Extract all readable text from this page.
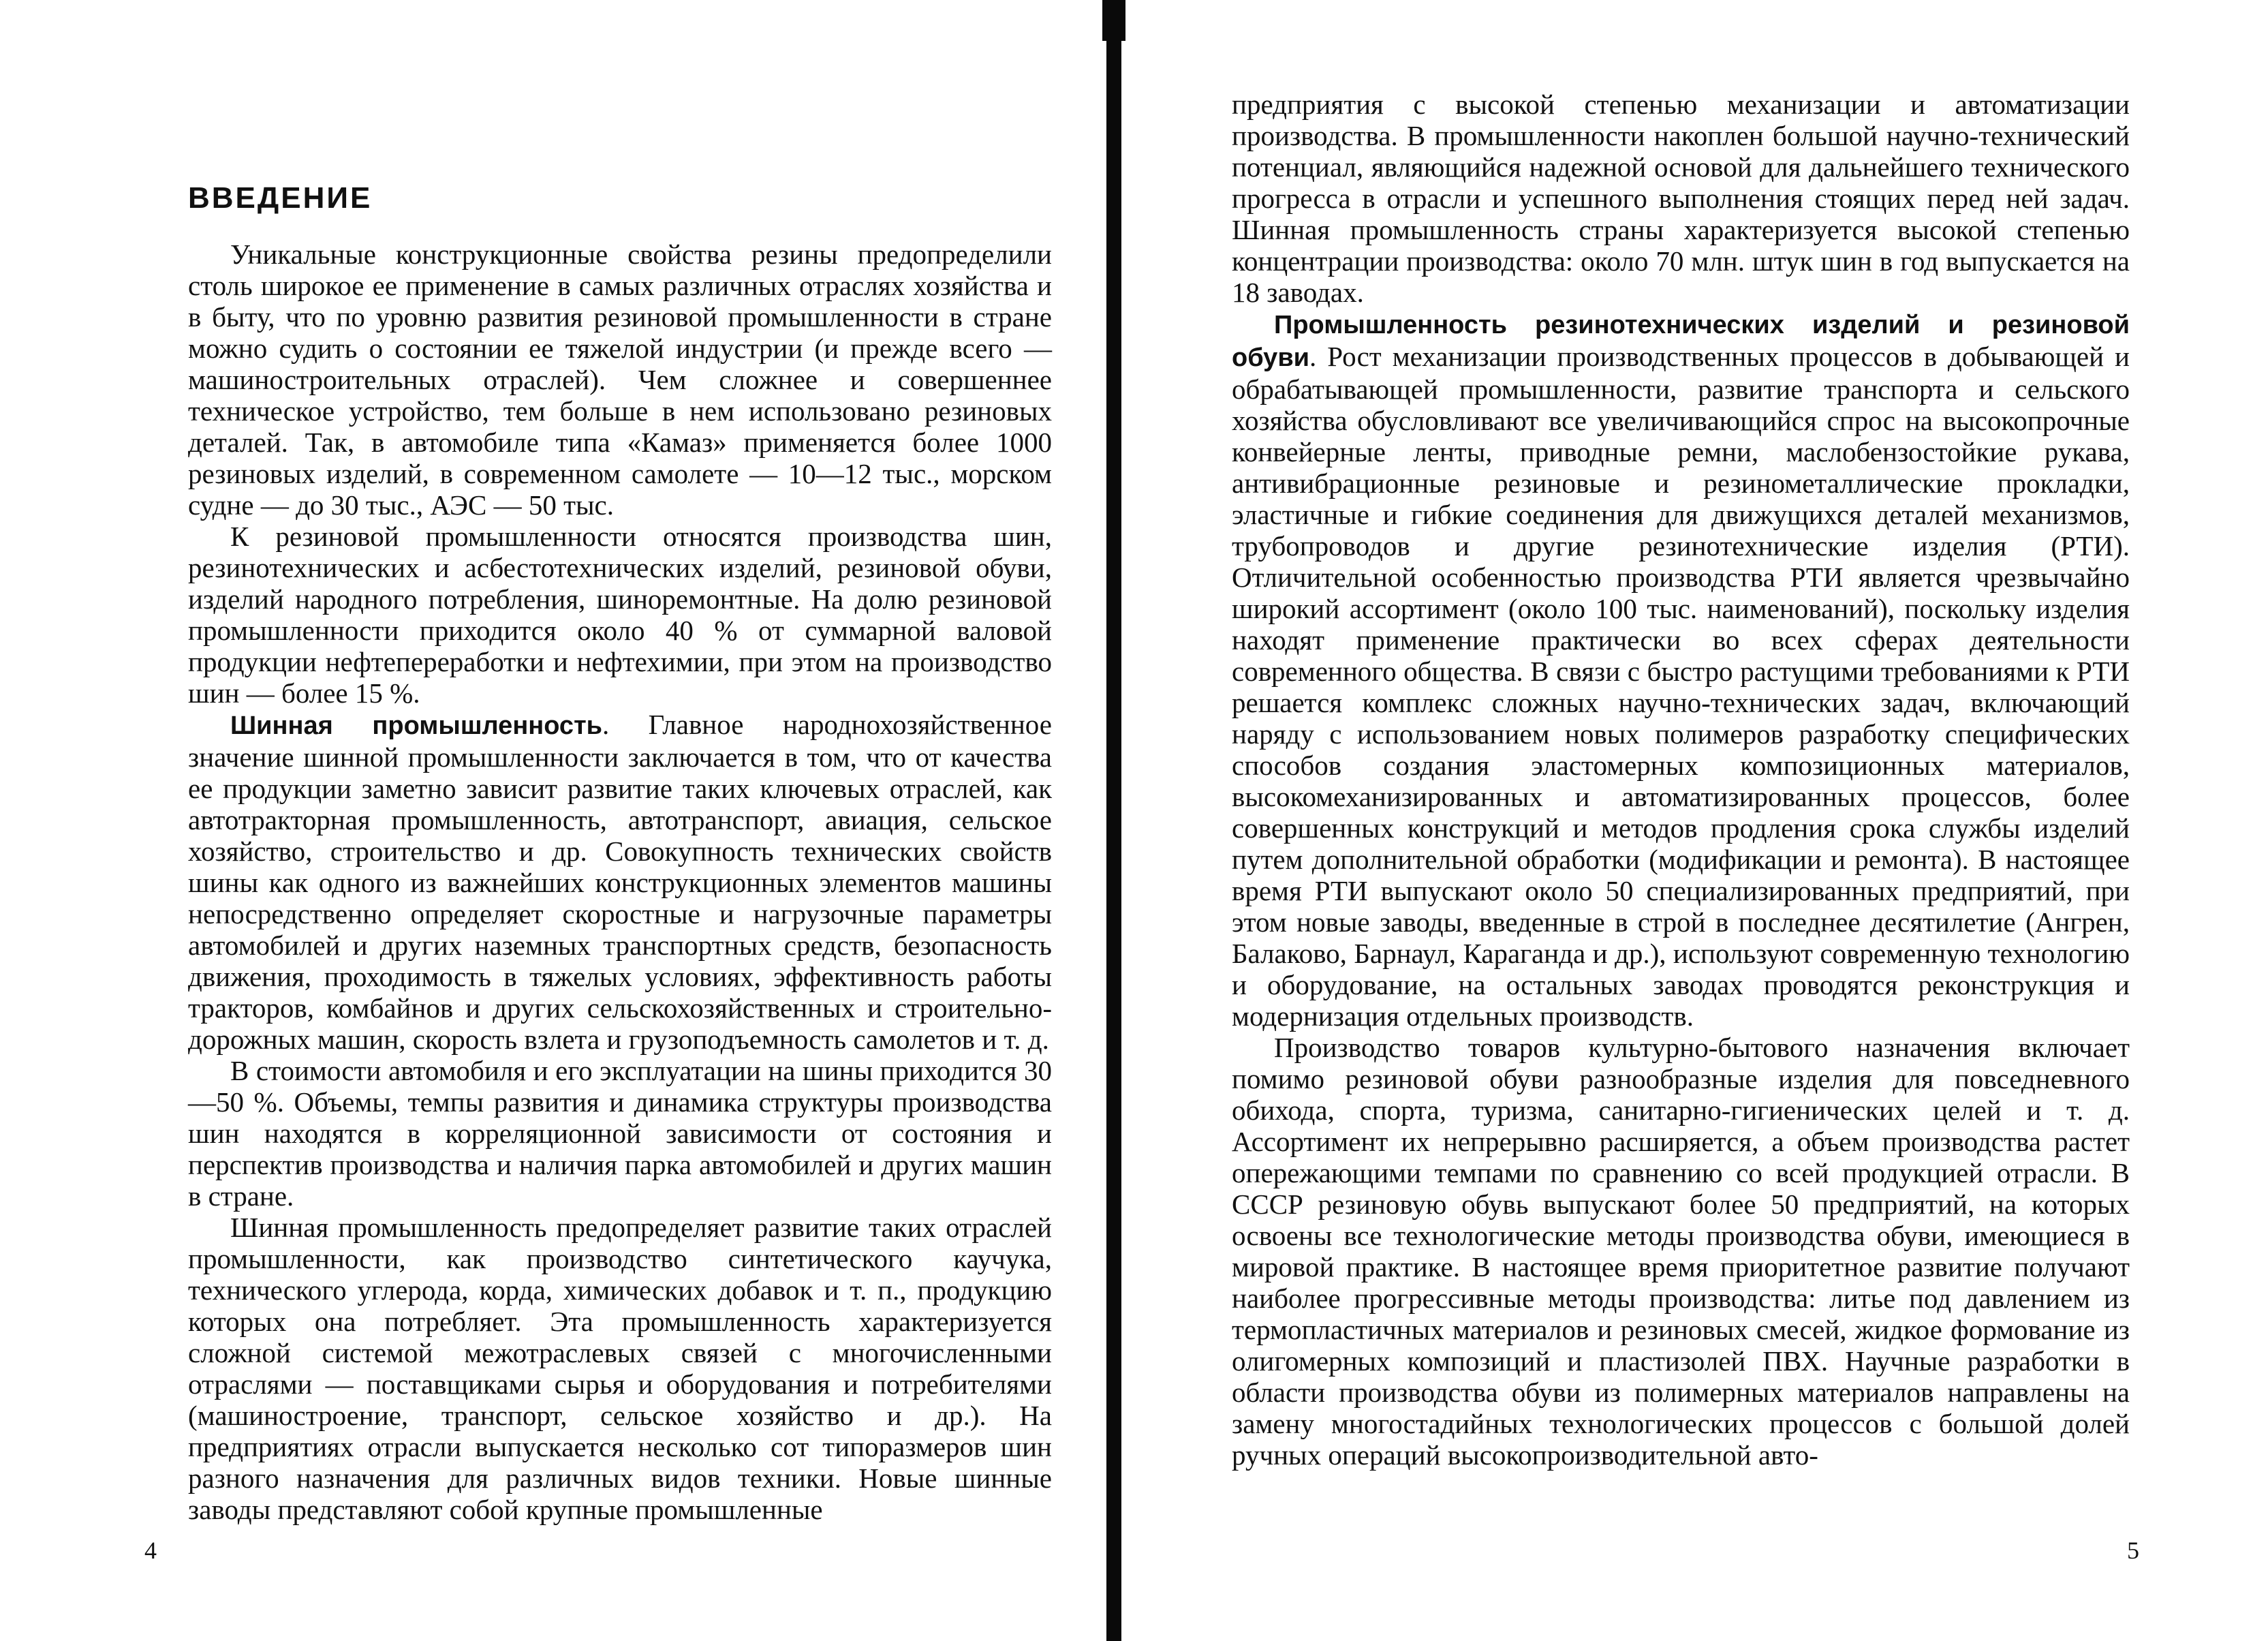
ВВЕДЕНИЕ

Уникальные конструкционные свойства резины предопределили столь широкое ее применение в самых различных отраслях хозяйства и в быту, что по уровню развития резиновой промышленности в стране можно судить о состоянии ее тяжелой индустрии (и прежде всего — машиностроительных отраслей). Чем сложнее и совершеннее техническое устройство, тем больше в нем использовано резиновых деталей. Так, в автомобиле типа «Камаз» применяется более 1000 резиновых изделий, в современном самолете — 10—12 тыс., морском судне — до 30 тыс., АЭС — 50 тыс.

К резиновой промышленности относятся производства шин, резинотехнических и асбестотехнических изделий, резиновой обуви, изделий народного потребления, шиноремонтные. На долю резиновой промышленности приходится около 40 % от суммарной валовой продукции нефтепереработки и нефтехимии, при этом на производство шин — более 15 %.

Шинная промышленность. Главное народнохозяйственное значение шинной промышленности заключается в том, что от качества ее продукции заметно зависит развитие таких ключевых отраслей, как автотракторная промышленность, автотранспорт, авиация, сельское хозяйство, строительство и др. Совокупность технических свойств шины как одного из важнейших конструкционных элементов машины непосредственно определяет скоростные и нагрузочные параметры автомобилей и других наземных транспортных средств, безопасность движения, проходимость в тяжелых условиях, эффективность работы тракторов, комбайнов и других сельскохозяйственных и строительно-дорожных машин, скорость взлета и грузоподъемность самолетов и т. д.

В стоимости автомобиля и его эксплуатации на шины приходится 30—50 %. Объемы, темпы развития и динамика структуры производства шин находятся в корреляционной зависимости от состояния и перспектив производства и наличия парка автомобилей и других машин в стране.

Шинная промышленность предопределяет развитие таких отраслей промышленности, как производство синтетического каучука, технического углерода, корда, химических добавок и т. п., продукцию которых она потребляет. Эта промышленность характеризуется сложной системой межотраслевых связей с многочисленными отраслями — поставщиками сырья и оборудования и потребителями (машиностроение, транспорт, сельское хозяйство и др.). На предприятиях отрасли выпускается несколько сот типоразмеров шин разного назначения для различных видов техники. Новые шинные заводы представляют собой крупные промышленные

4

предприятия с высокой степенью механизации и автоматизации производства. В промышленности накоплен большой научно-технический потенциал, являющийся надежной основой для дальнейшего технического прогресса в отрасли и успешного выполнения стоящих перед ней задач. Шинная промышленность страны характеризуется высокой степенью концентрации производства: около 70 млн. штук шин в год выпускается на 18 заводах.

Промышленность резинотехнических изделий и резиновой обуви. Рост механизации производственных процессов в добывающей и обрабатывающей промышленности, развитие транспорта и сельского хозяйства обусловливают все увеличивающийся спрос на высокопрочные конвейерные ленты, приводные ремни, маслобензостойкие рукава, антивибрационные резиновые и резинометаллические прокладки, эластичные и гибкие соединения для движущихся деталей механизмов, трубопроводов и другие резинотехнические изделия (РТИ). Отличительной особенностью производства РТИ является чрезвычайно широкий ассортимент (около 100 тыс. наименований), поскольку изделия находят применение практически во всех сферах деятельности современного общества. В связи с быстро растущими требованиями к РТИ решается комплекс сложных научно-технических задач, включающий наряду с использованием новых полимеров разработку специфических способов создания эластомерных композиционных материалов, высокомеханизированных и автоматизированных процессов, более совершенных конструкций и методов продления срока службы изделий путем дополнительной обработки (модификации и ремонта). В настоящее время РТИ выпускают около 50 специализированных предприятий, при этом новые заводы, введенные в строй в последнее десятилетие (Ангрен, Балаково, Барнаул, Караганда и др.), используют современную технологию и оборудование, на остальных заводах проводятся реконструкция и модернизация отдельных производств.

Производство товаров культурно-бытового назначения включает помимо резиновой обуви разнообразные изделия для повседневного обихода, спорта, туризма, санитарно-гигиенических целей и т. д. Ассортимент их непрерывно расширяется, а объем производства растет опережающими темпами по сравнению со всей продукцией отрасли. В СССР резиновую обувь выпускают более 50 предприятий, на которых освоены все технологические методы производства обуви, имеющиеся в мировой практике. В настоящее время приоритетное развитие получают наиболее прогрессивные методы производства: литье под давлением из термопластичных материалов и резиновых смесей, жидкое формование из олигомерных композиций и пластизолей ПВХ. Научные разработки в области производства обуви из полимерных материалов направлены на замену многостадийных технологических процессов с большой долей ручных операций высокопроизводительной авто-

5
